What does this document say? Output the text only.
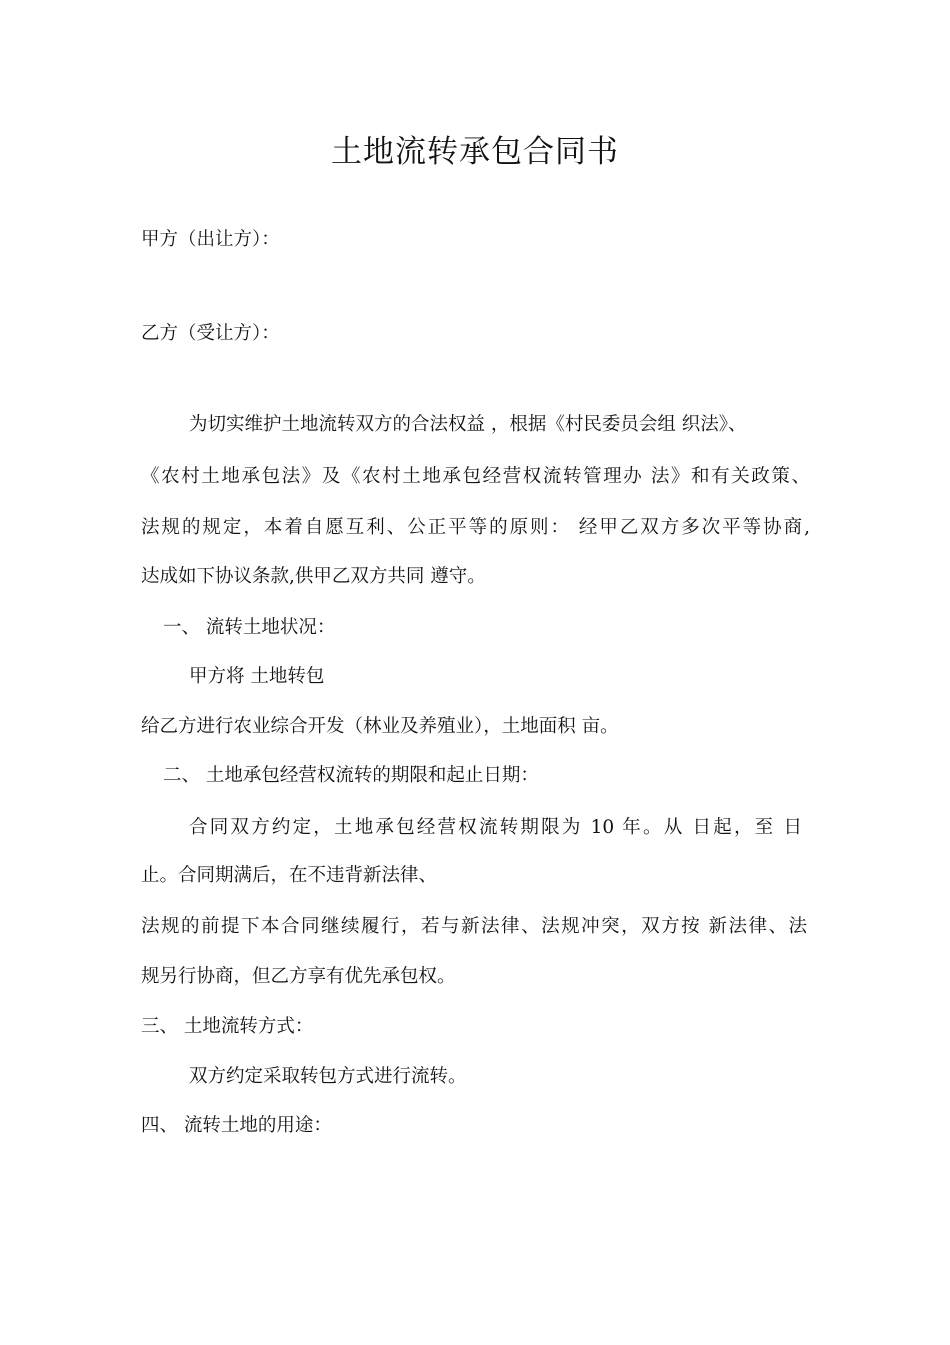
土地流转承包合同书
甲方（出让方）：
乙方（受让方）：
为切实维护土地流转双方的合法权益 ，根据《村民委员会组 织法》、
《农村土地承包法》及《农村土地承包经营权流转管理办 法》和有关政策、
法规的规定，本着自愿互利、公正平等的原则： 经甲乙双方多次平等协商,
达成如下协议条款,供甲乙双方共同 遵守。
一、 流转土地状况：
甲方将 土地转包
给乙方进行农业综合开发（林业及养殖业），土地面积 亩。
二、 土地承包经营权流转的期限和起止日期：
合同双方约定，土地承包经营权流转期限为 10 年。从 日起，至 日
止。合同期满后，在不违背新法律、
法规的前提下本合同继续履行，若与新法律、法规冲突，双方按 新法律、法
规另行协商，但乙方享有优先承包权。
三、 土地流转方式：
双方约定采取转包方式进行流转。
四、 流转土地的用途：
